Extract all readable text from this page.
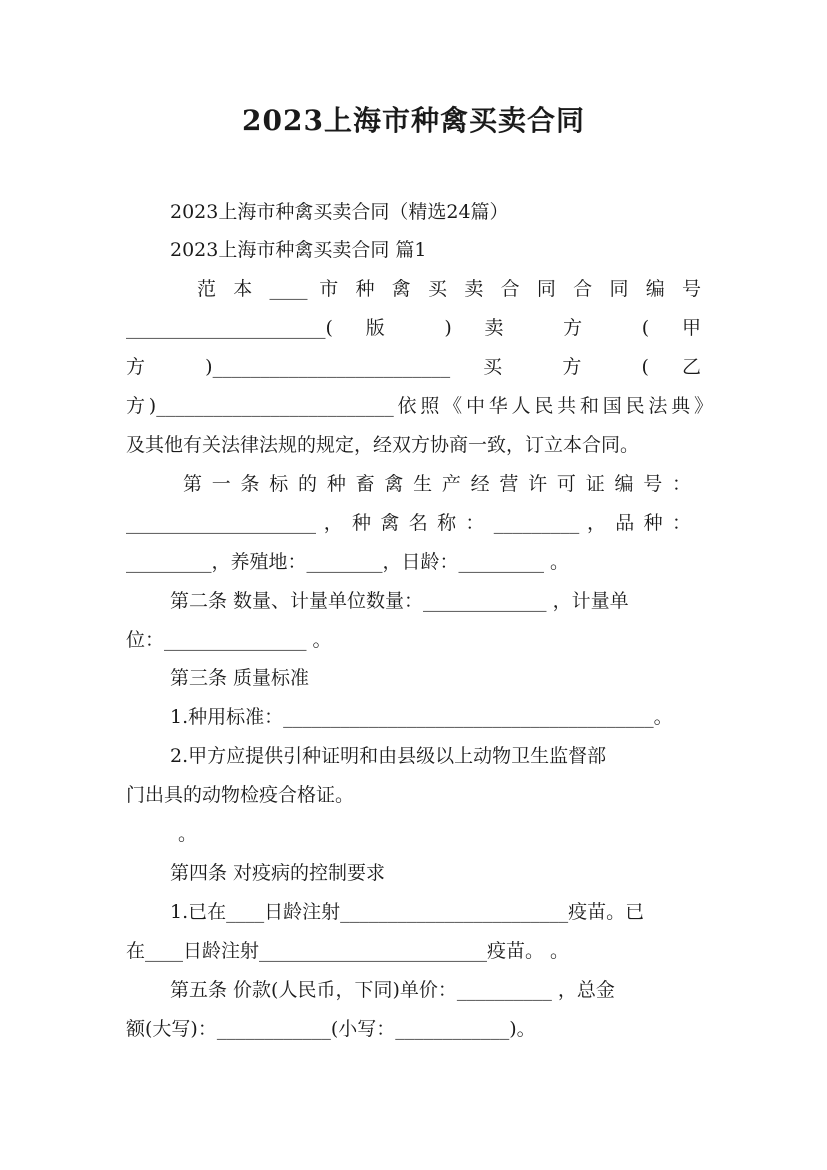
2023上海市种禽买卖合同
2023上海市种禽买卖合同（精选24篇）
2023上海市种禽买卖合同 篇1
范 本 ____ 市 种 禽 买 卖 合 同 合 同 编 号
_____________________( 版 ) 卖 方 ( 甲
方 )_________________________ 买 方 ( 乙
方)_________________________依照《中华人民共和国民法典》
及其他有关法律法规的规定，经双方协商一致，订立本合同。
第 一 条 标 的 种 畜 禽 生 产 经 营 许 可 证 编 号 ：
____________________ ， 种 禽 名 称 ： _________ ， 品 种 ：
_________，养殖地：________，日龄：_________ 。
第二条 数量、计量单位数量：_____________ ，计量单
位：_______________ 。
第三条 质量标准
1.种用标准：_______________________________________。
2.甲方应提供引种证明和由县级以上动物卫生监督部
门出具的动物检疫合格证。
。
第四条 对疫病的控制要求
1.已在____日龄注射________________________疫苗。已
在____日龄注射________________________疫苗。 。
第五条 价款(人民币，下同)单价：__________ ，总金
额(大写)：____________(小写：____________)。
